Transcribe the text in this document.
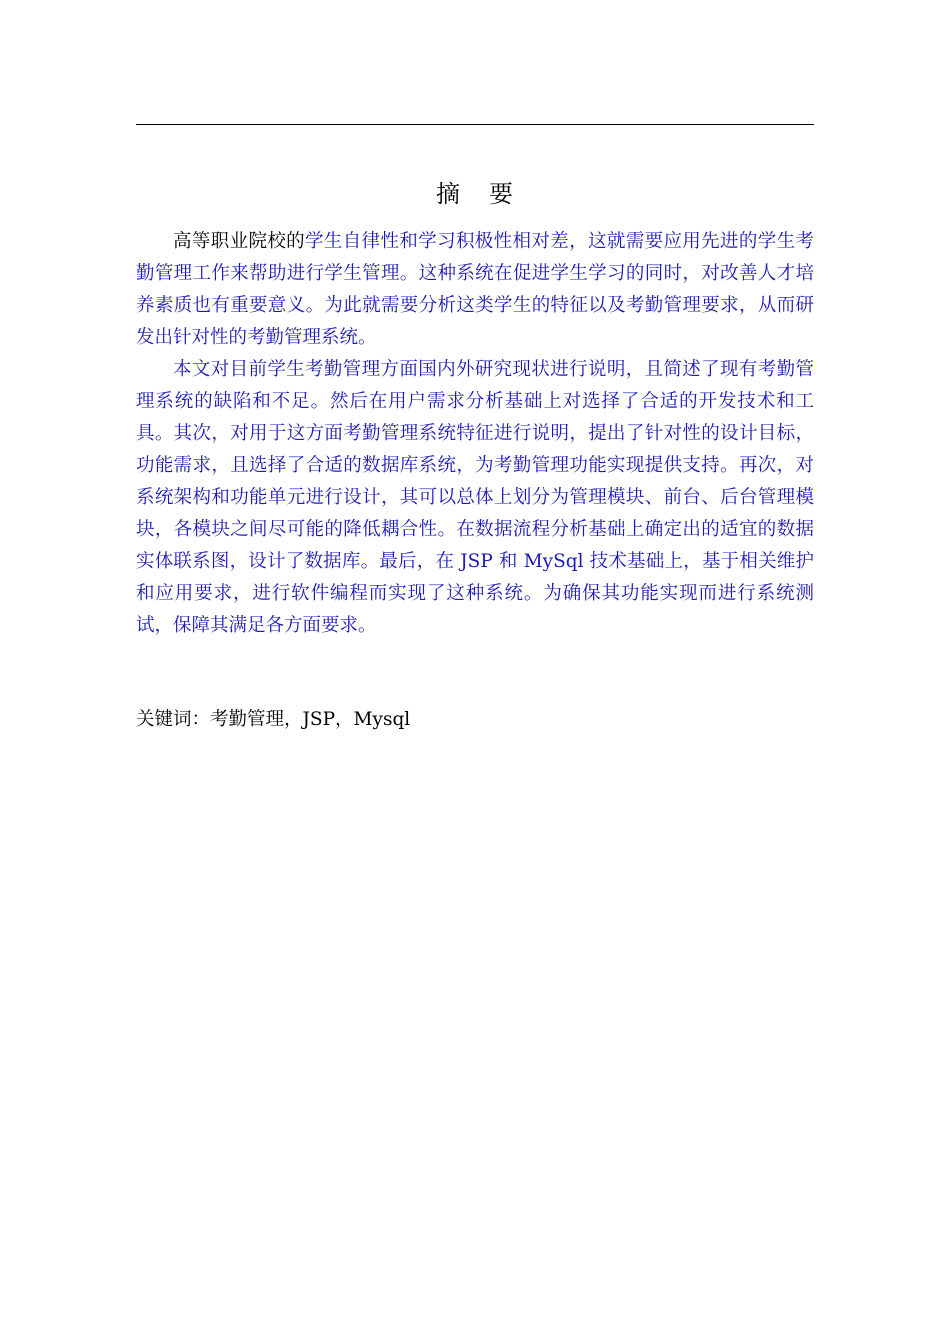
摘 要

高等职业院校的学生自律性和学习积极性相对差，这就需要应用先进的学生考勤管理工作来帮助进行学生管理。这种系统在促进学生学习的同时，对改善人才培养素质也有重要意义。为此就需要分析这类学生的特征以及考勤管理要求，从而研发出针对性的考勤管理系统。

本文对目前学生考勤管理方面国内外研究现状进行说明，且简述了现有考勤管理系统的缺陷和不足。然后在用户需求分析基础上对选择了合适的开发技术和工具。其次，对用于这方面考勤管理系统特征进行说明，提出了针对性的设计目标，功能需求，且选择了合适的数据库系统，为考勤管理功能实现提供支持。再次，对系统架构和功能单元进行设计，其可以总体上划分为管理模块、前台、后台管理模块，各模块之间尽可能的降低耦合性。在数据流程分析基础上确定出的适宜的数据实体联系图，设计了数据库。最后，在 JSP 和 MySql 技术基础上，基于相关维护和应用要求，进行软件编程而实现了这种系统。为确保其功能实现而进行系统测试，保障其满足各方面要求。

关键词：考勤管理，JSP，Mysql
